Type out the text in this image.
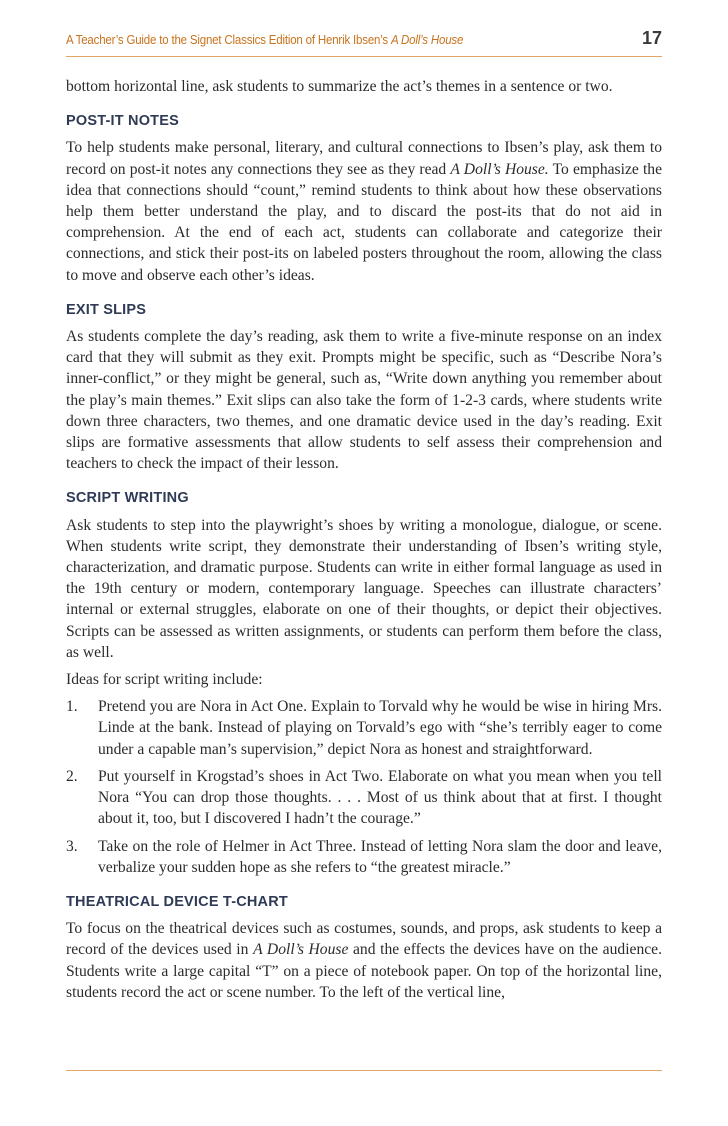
A Teacher’s Guide to the Signet Classics Edition of Henrik Ibsen’s A Doll’s House	17

bottom horizontal line, ask students to summarize the act’s themes in a sentence or two.

POST-IT NOTES

To help students make personal, literary, and cultural connections to Ibsen’s play, ask them to record on post-it notes any connections they see as they read A Doll’s House. To emphasize the idea that connections should “count,” remind students to think about how these observations help them better understand the play, and to discard the post-its that do not aid in comprehension. At the end of each act, students can collaborate and categorize their connections, and stick their post-its on labeled posters throughout the room, allowing the class to move and observe each other’s ideas.

EXIT SLIPS

As students complete the day’s reading, ask them to write a five-minute response on an index card that they will submit as they exit. Prompts might be specific, such as “Describe Nora’s inner-conflict,” or they might be general, such as, “Write down anything you remember about the play’s main themes.” Exit slips can also take the form of 1-2-3 cards, where students write down three characters, two themes, and one dramatic device used in the day’s reading. Exit slips are formative assessments that allow students to self assess their comprehension and teachers to check the impact of their lesson.

SCRIPT WRITING

Ask students to step into the playwright’s shoes by writing a monologue, dialogue, or scene. When students write script, they demonstrate their understanding of Ibsen’s writing style, characterization, and dramatic purpose. Students can write in either formal language as used in the 19th century or modern, contemporary language. Speeches can illustrate characters’ internal or external struggles, elaborate on one of their thoughts, or depict their objectives. Scripts can be assessed as written assignments, or students can perform them before the class, as well.

Ideas for script writing include:

1. Pretend you are Nora in Act One. Explain to Torvald why he would be wise in hiring Mrs. Linde at the bank. Instead of playing on Torvald’s ego with “she’s terribly eager to come under a capable man’s supervision,” depict Nora as honest and straightforward.
2. Put yourself in Krogstad’s shoes in Act Two. Elaborate on what you mean when you tell Nora “You can drop those thoughts. . . . Most of us think about that at first. I thought about it, too, but I discovered I hadn’t the courage.”
3. Take on the role of Helmer in Act Three. Instead of letting Nora slam the door and leave, verbalize your sudden hope as she refers to “the greatest miracle.”
THEATRICAL DEVICE T-CHART

To focus on the theatrical devices such as costumes, sounds, and props, ask students to keep a record of the devices used in A Doll’s House and the effects the devices have on the audience. Students write a large capital “T” on a piece of notebook paper. On top of the horizontal line, students record the act or scene number. To the left of the vertical line,
